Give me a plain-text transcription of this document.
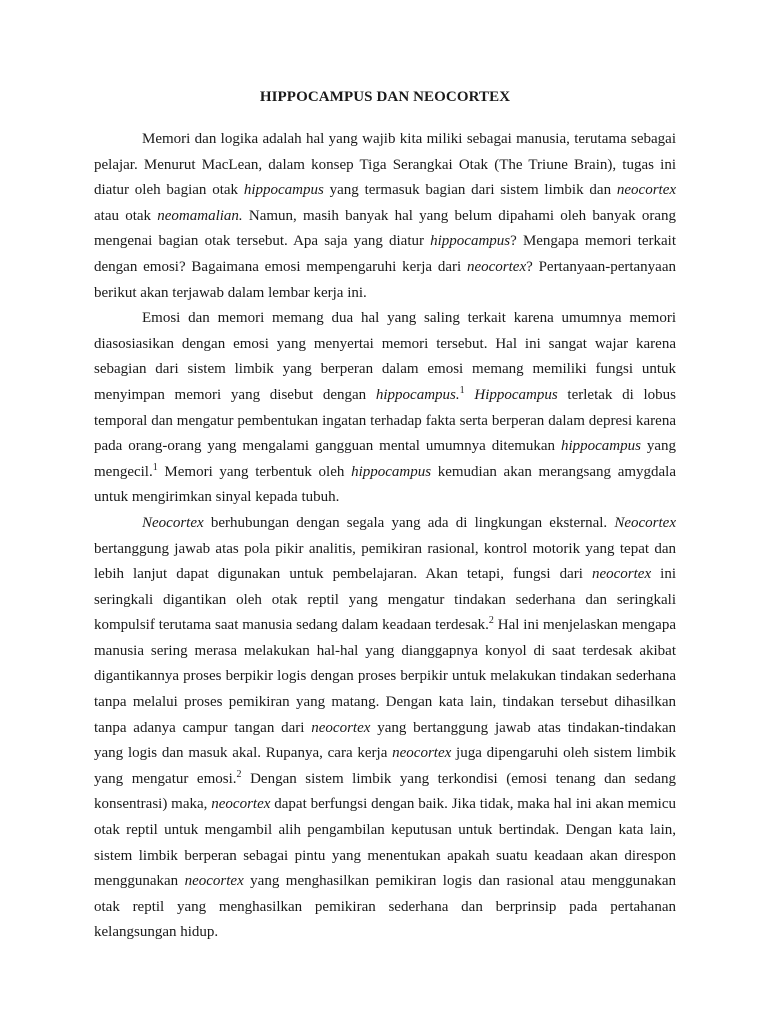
HIPPOCAMPUS DAN NEOCORTEX

Memori dan logika adalah hal yang wajib kita miliki sebagai manusia, terutama sebagai pelajar. Menurut MacLean, dalam konsep Tiga Serangkai Otak (The Triune Brain), tugas ini diatur oleh bagian otak hippocampus yang termasuk bagian dari sistem limbik dan neocortex atau otak neomamalian. Namun, masih banyak hal yang belum dipahami oleh banyak orang mengenai bagian otak tersebut. Apa saja yang diatur hippocampus? Mengapa memori terkait dengan emosi? Bagaimana emosi mempengaruhi kerja dari neocortex? Pertanyaan-pertanyaan berikut akan terjawab dalam lembar kerja ini.

Emosi dan memori memang dua hal yang saling terkait karena umumnya memori diasosiasikan dengan emosi yang menyertai memori tersebut. Hal ini sangat wajar karena sebagian dari sistem limbik yang berperan dalam emosi memang memiliki fungsi untuk menyimpan memori yang disebut dengan hippocampus.$^1$ Hippocampus terletak di lobus temporal dan mengatur pembentukan ingatan terhadap fakta serta berperan dalam depresi karena pada orang-orang yang mengalami gangguan mental umumnya ditemukan hippocampus yang mengecil.$^1$ Memori yang terbentuk oleh hippocampus kemudian akan merangsang amygdala untuk mengirimkan sinyal kepada tubuh.

Neocortex berhubungan dengan segala yang ada di lingkungan eksternal. Neocortex bertanggung jawab atas pola pikir analitis, pemikiran rasional, kontrol motorik yang tepat dan lebih lanjut dapat digunakan untuk pembelajaran. Akan tetapi, fungsi dari neocortex ini seringkali digantikan oleh otak reptil yang mengatur tindakan sederhana dan seringkali kompulsif terutama saat manusia sedang dalam keadaan terdesak.$^2$ Hal ini menjelaskan mengapa manusia sering merasa melakukan hal-hal yang dianggapnya konyol di saat terdesak akibat digantikannya proses berpikir logis dengan proses berpikir untuk melakukan tindakan sederhana tanpa melalui proses pemikiran yang matang. Dengan kata lain, tindakan tersebut dihasilkan tanpa adanya campur tangan dari neocortex yang bertanggung jawab atas tindakan-tindakan yang logis dan masuk akal. Rupanya, cara kerja neocortex juga dipengaruhi oleh sistem limbik yang mengatur emosi.$^2$ Dengan sistem limbik yang terkondisi (emosi tenang dan sedang konsentrasi) maka, neocortex dapat berfungsi dengan baik. Jika tidak, maka hal ini akan memicu otak reptil untuk mengambil alih pengambilan keputusan untuk bertindak. Dengan kata lain, sistem limbik berperan sebagai pintu yang menentukan apakah suatu keadaan akan direspon menggunakan neocortex yang menghasilkan pemikiran logis dan rasional atau menggunakan otak reptil yang menghasilkan pemikiran sederhana dan berprinsip pada pertahanan kelangsungan hidup.
